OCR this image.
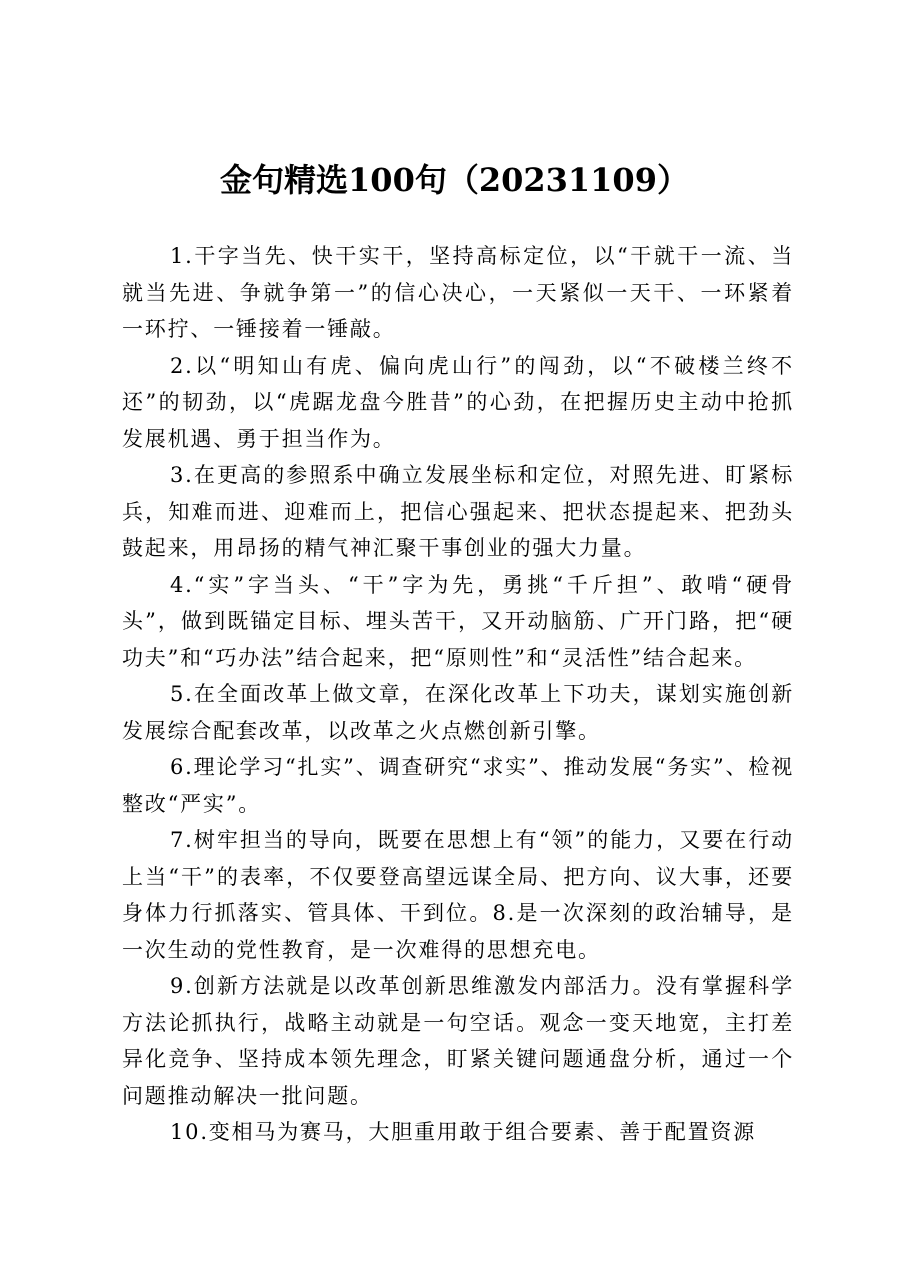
金句精选100句（20231109）

1.干字当先、快干实干，坚持高标定位，以“干就干一流、当就当先进、争就争第一”的信心决心，一天紧似一天干、一环紧着一环拧、一锤接着一锤敲。

2.以“明知山有虎、偏向虎山行”的闯劲，以“不破楼兰终不还”的韧劲，以“虎踞龙盘今胜昔”的心劲，在把握历史主动中抢抓发展机遇、勇于担当作为。

3.在更高的参照系中确立发展坐标和定位，对照先进、盯紧标兵，知难而进、迎难而上，把信心强起来、把状态提起来、把劲头鼓起来，用昂扬的精气神汇聚干事创业的强大力量。

4.“实”字当头、“干”字为先，勇挑“千斤担”、敢啃“硬骨头”，做到既锚定目标、埋头苦干，又开动脑筋、广开门路，把“硬功夫”和“巧办法”结合起来，把“原则性”和“灵活性”结合起来。

5.在全面改革上做文章，在深化改革上下功夫，谋划实施创新发展综合配套改革，以改革之火点燃创新引擎。

6.理论学习“扎实”、调查研究“求实”、推动发展“务实”、检视整改“严实”。

7.树牢担当的导向，既要在思想上有“领”的能力，又要在行动上当“干”的表率，不仅要登高望远谋全局、把方向、议大事，还要身体力行抓落实、管具体、干到位。8.是一次深刻的政治辅导，是一次生动的党性教育，是一次难得的思想充电。

9.创新方法就是以改革创新思维激发内部活力。没有掌握科学方法论抓执行，战略主动就是一句空话。观念一变天地宽，主打差异化竞争、坚持成本领先理念，盯紧关键问题通盘分析，通过一个问题推动解决一批问题。

10.变相马为赛马，大胆重用敢于组合要素、善于配置资源
